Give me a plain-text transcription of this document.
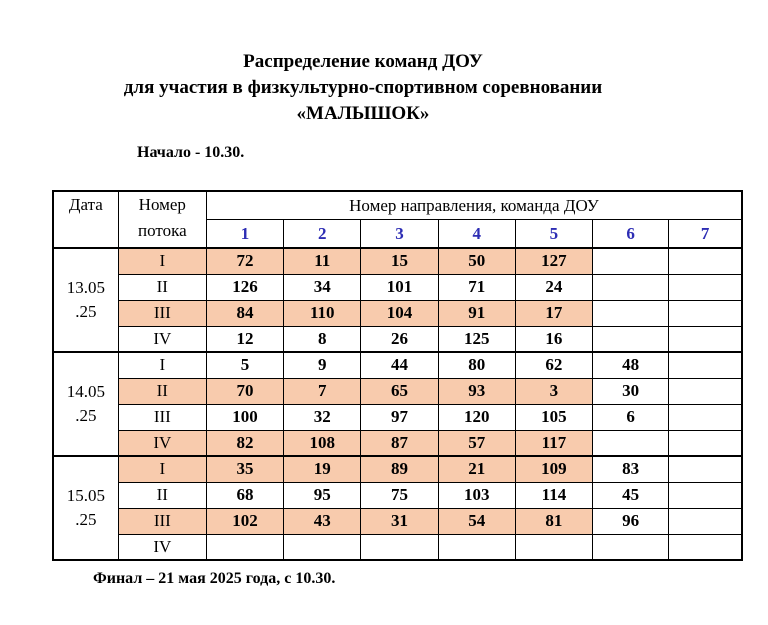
Распределение команд ДОУ
для участия в физкультурно-спортивном соревновании
«МАЛЫШОК»
Начало - 10.30.
Дата	Номер потока	Номер направления, команда ДОУ						
		1	2	3	4	5	6	7

13.05
.25	I	72	11	15	50	127		
	II	126	34	101	71	24		
	III	84	110	104	91	17		
	IV	12	8	26	125	16		

14.05
.25	I	5	9	44	80	62	48	
	II	70	7	65	93	3	30	
	III	100	32	97	120	105	6	
	IV	82	108	87	57	117		

15.05
.25	I	35	19	89	21	109	83	
	II	68	95	75	103	114	45	
	III	102	43	31	54	81	96	
	IV							
Финал – 21 мая 2025 года, с 10.30.
